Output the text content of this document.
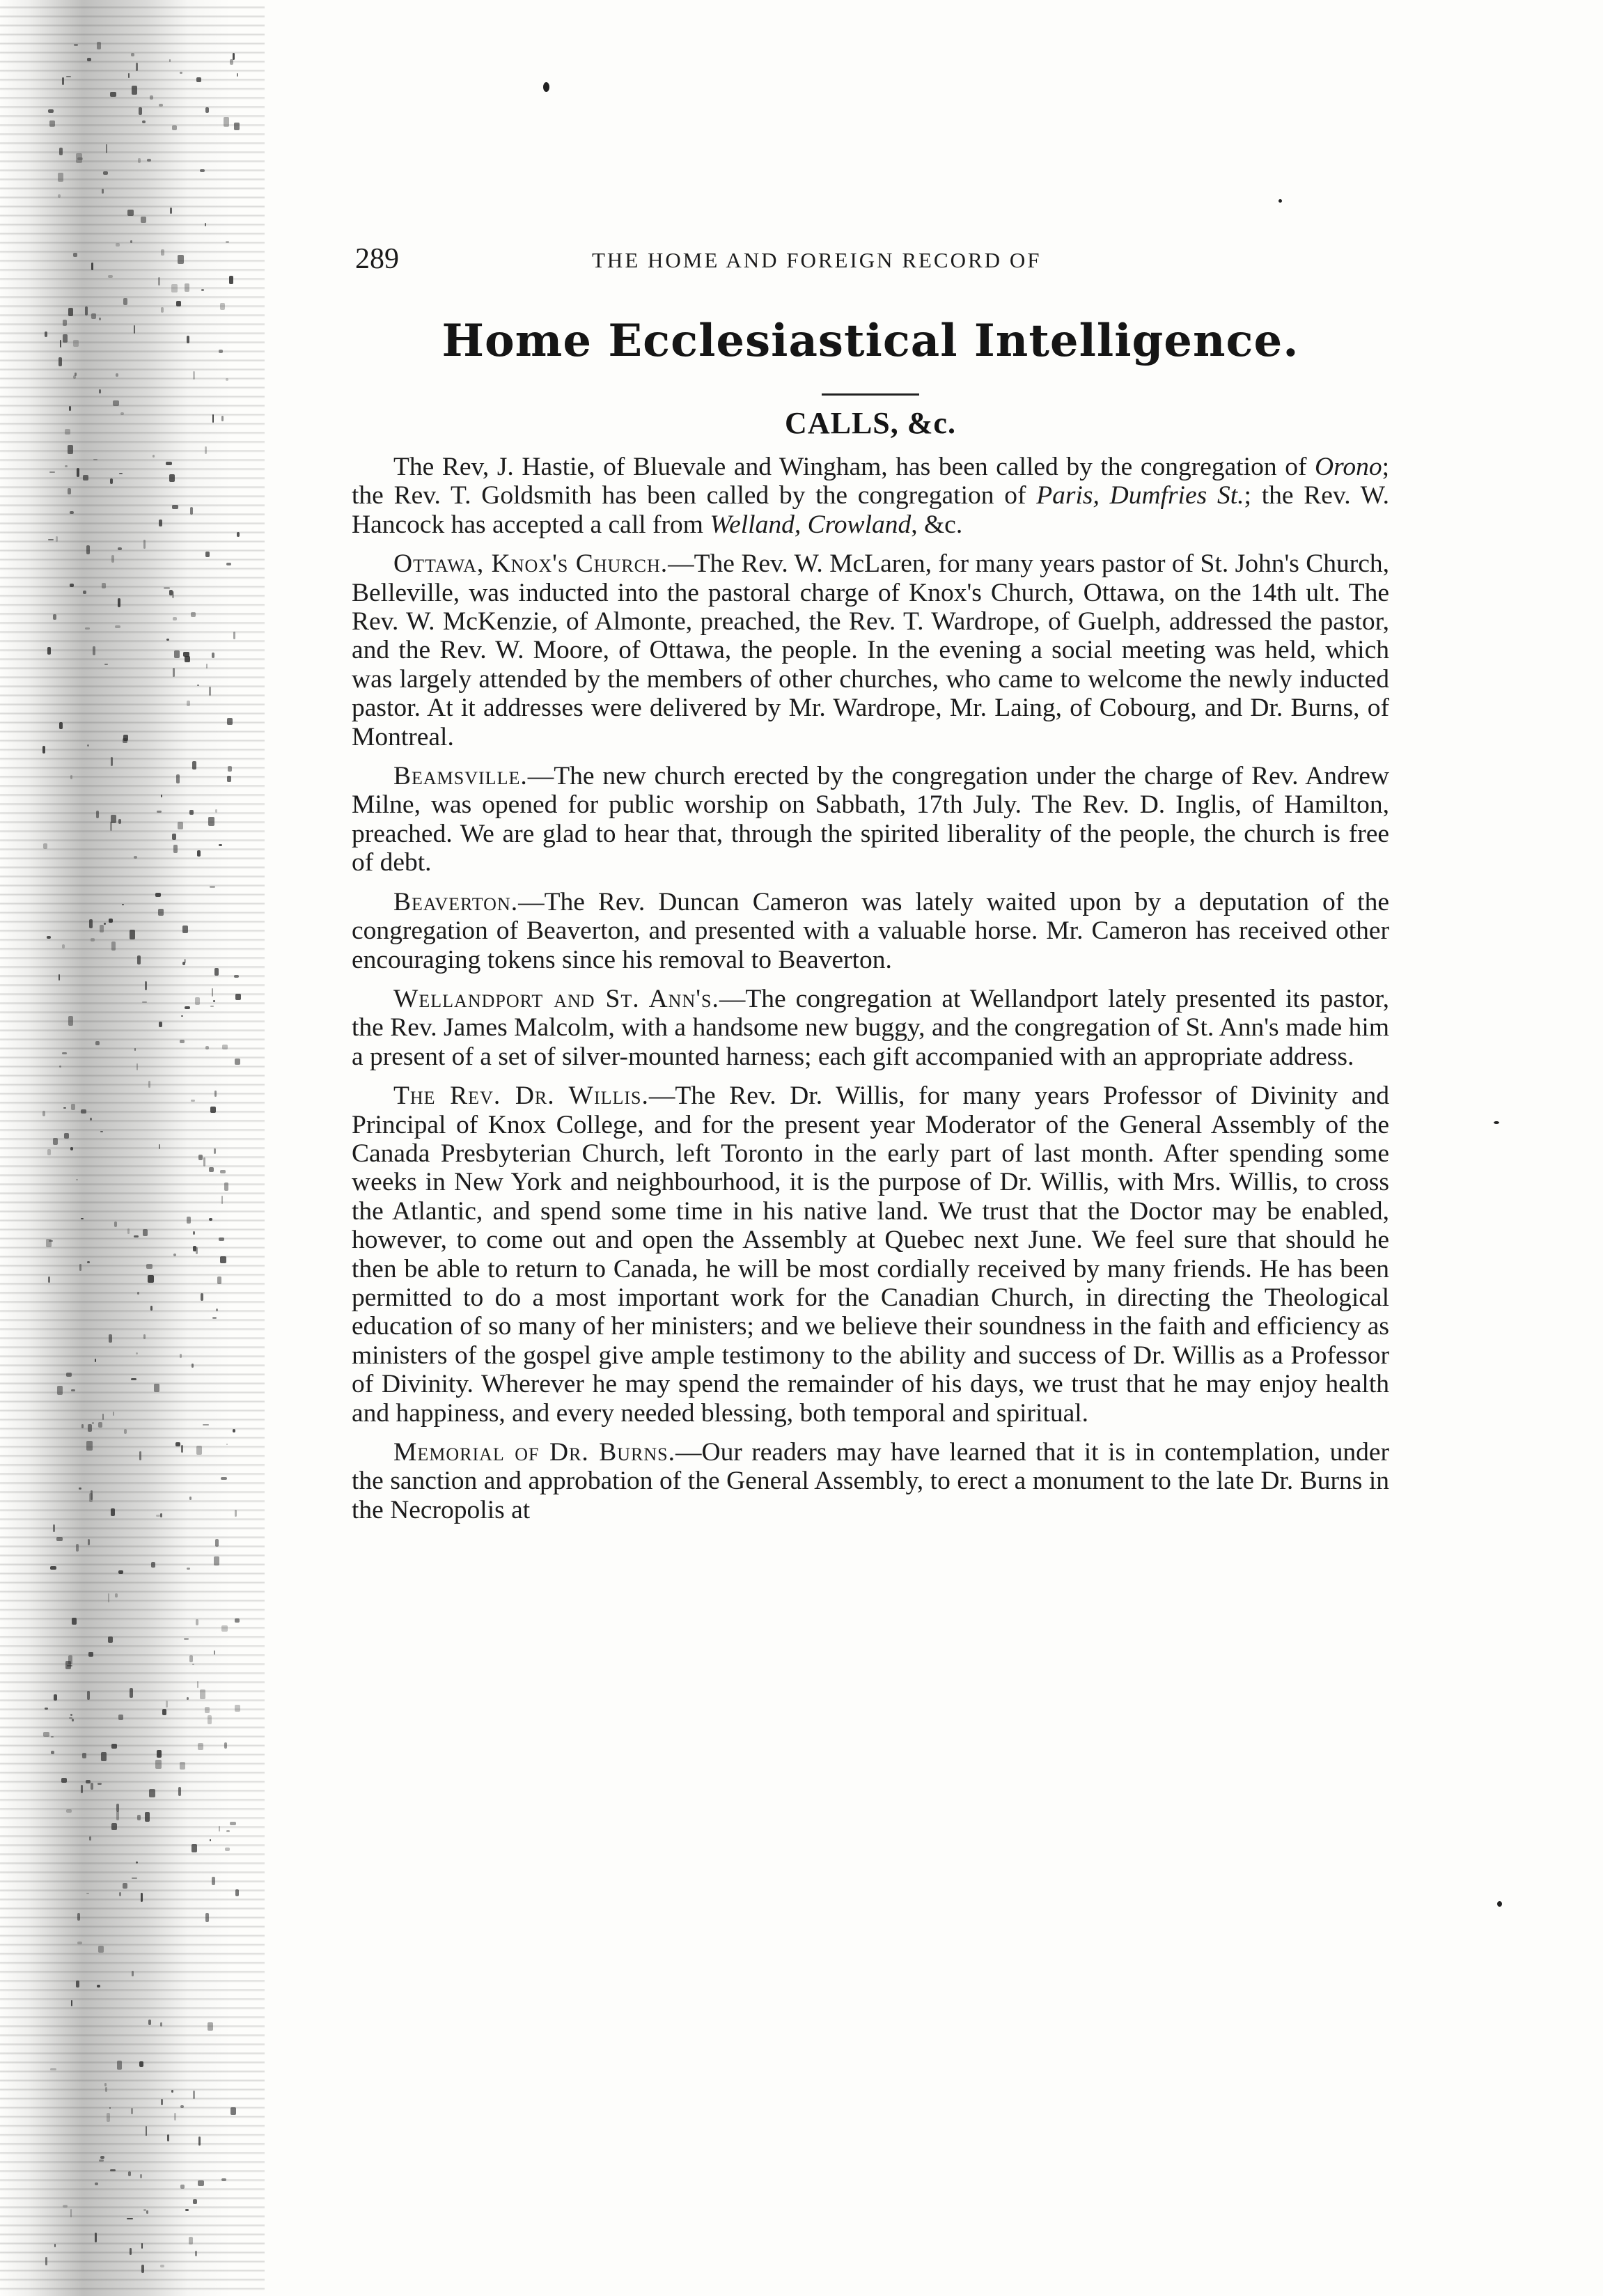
289	THE HOME AND FOREIGN RECORD OF
Home Ecclesiastical Intelligence.
CALLS, &c.

The Rev, J. Hastie, of Bluevale and Wingham, has been called by the congregation of Orono; the Rev. T. Goldsmith has been called by the congregation of Paris, Dumfries St.; the Rev. W. Hancock has accepted a call from Welland, Crowland, &c.

Ottawa, Knox's Church.—The Rev. W. McLaren, for many years pastor of St. John's Church, Belleville, was inducted into the pastoral charge of Knox's Church, Ottawa, on the 14th ult. The Rev. W. McKenzie, of Almonte, preached, the Rev. T. Wardrope, of Guelph, addressed the pastor, and the Rev. W. Moore, of Ottawa, the people. In the evening a social meeting was held, which was largely attended by the members of other churches, who came to welcome the newly inducted pastor. At it addresses were delivered by Mr. Wardrope, Mr. Laing, of Cobourg, and Dr. Burns, of Montreal.

Beamsville.—The new church erected by the congregation under the charge of Rev. Andrew Milne, was opened for public worship on Sabbath, 17th July. The Rev. D. Inglis, of Hamilton, preached. We are glad to hear that, through the spirited liberality of the people, the church is free of debt.

Beaverton.—The Rev. Duncan Cameron was lately waited upon by a deputation of the congregation of Beaverton, and presented with a valuable horse. Mr. Cameron has received other encouraging tokens since his removal to Beaverton.

Wellandport and St. Ann's.—The congregation at Wellandport lately presented its pastor, the Rev. James Malcolm, with a handsome new buggy, and the congregation of St. Ann's made him a present of a set of silver-mounted harness; each gift accompanied with an appropriate address.

The Rev. Dr. Willis.—The Rev. Dr. Willis, for many years Professor of Divinity and Principal of Knox College, and for the present year Moderator of the General Assembly of the Canada Presbyterian Church, left Toronto in the early part of last month. After spending some weeks in New York and neighbourhood, it is the purpose of Dr. Willis, with Mrs. Willis, to cross the Atlantic, and spend some time in his native land. We trust that the Doctor may be enabled, however, to come out and open the Assembly at Quebec next June. We feel sure that should he then be able to return to Canada, he will be most cordially received by many friends. He has been permitted to do a most important work for the Canadian Church, in directing the Theological education of so many of her ministers; and we believe their soundness in the faith and efficiency as ministers of the gospel give ample testimony to the ability and success of Dr. Willis as a Professor of Divinity. Wherever he may spend the remainder of his days, we trust that he may enjoy health and happiness, and every needed blessing, both temporal and spiritual.

Memorial of Dr. Burns.—Our readers may have learned that it is in contemplation, under the sanction and approbation of the General Assembly, to erect a monument to the late Dr. Burns in the Necropolis at
